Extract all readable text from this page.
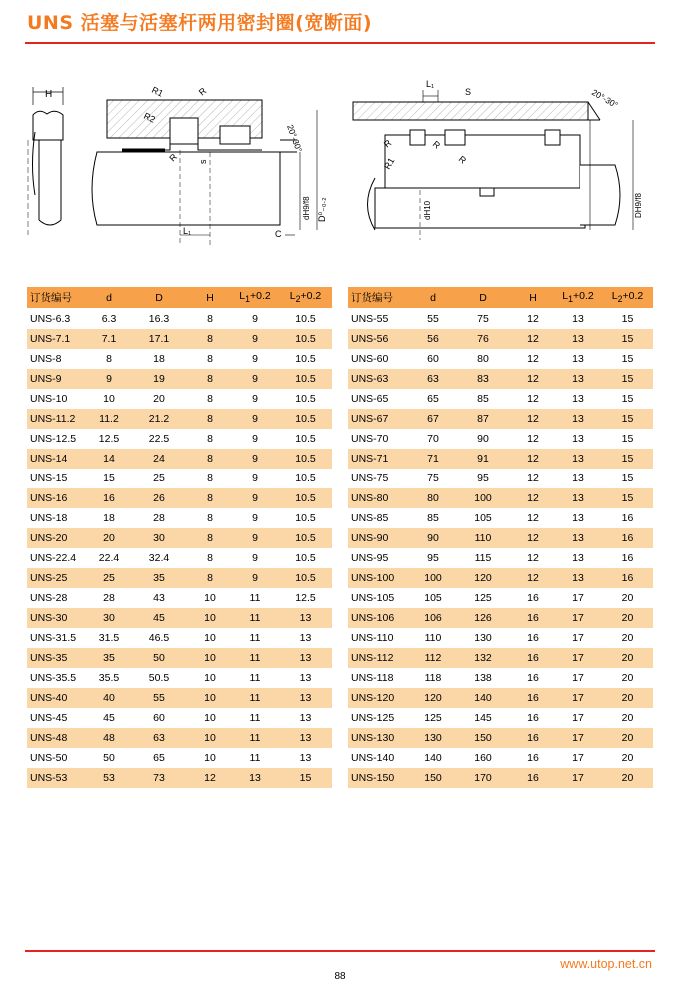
UNS 活塞与活塞杆两用密封圈(宽断面)
H	R1	R
R2
R s
20°-30°
L₁	C
dH9/f8 D⁰₋₀.₂
L₁
S	20°-30°
R
R1
R
R
dH10	DH9/f8
订货编号	d	D	H	$L_1+0.2$	$L_2+0.2$
UNS-6.3	6.3	16.3	8	9	10.5
UNS-7.1	7.1	17.1	8	9	10.5
UNS-8	8	18	8	9	10.5
UNS-9	9	19	8	9	10.5
UNS-10	10	20	8	9	10.5
UNS-11.2	11.2	21.2	8	9	10.5
UNS-12.5	12.5	22.5	8	9	10.5
UNS-14	14	24	8	9	10.5
UNS-15	15	25	8	9	10.5
UNS-16	16	26	8	9	10.5
UNS-18	18	28	8	9	10.5
UNS-20	20	30	8	9	10.5
UNS-22.4	22.4	32.4	8	9	10.5
UNS-25	25	35	8	9	10.5
UNS-28	28	43	10	11	12.5
UNS-30	30	45	10	11	13
UNS-31.5	31.5	46.5	10	11	13
UNS-35	35	50	10	11	13
UNS-35.5	35.5	50.5	10	11	13
UNS-40	40	55	10	11	13
UNS-45	45	60	10	11	13
UNS-48	48	63	10	11	13
UNS-50	50	65	10	11	13
UNS-53	53	73	12	13	15
订货编号	d	D	H	$L_1+0.2$	$L_2+0.2$
UNS-55	55	75	12	13	15
UNS-56	56	76	12	13	15
UNS-60	60	80	12	13	15
UNS-63	63	83	12	13	15
UNS-65	65	85	12	13	15
UNS-67	67	87	12	13	15
UNS-70	70	90	12	13	15
UNS-71	71	91	12	13	15
UNS-75	75	95	12	13	15
UNS-80	80	100	12	13	15
UNS-85	85	105	12	13	16
UNS-90	90	110	12	13	16
UNS-95	95	115	12	13	16
UNS-100	100	120	12	13	16
UNS-105	105	125	16	17	20
UNS-106	106	126	16	17	20
UNS-110	110	130	16	17	20
UNS-112	112	132	16	17	20
UNS-118	118	138	16	17	20
UNS-120	120	140	16	17	20
UNS-125	125	145	16	17	20
UNS-130	130	150	16	17	20
UNS-140	140	160	16	17	20
UNS-150	150	170	16	17	20
www.utop.net.cn
88
